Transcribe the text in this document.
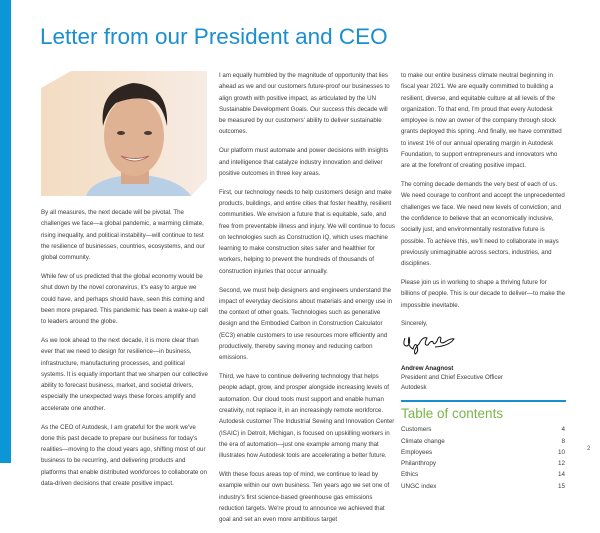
Letter from our President and CEO

By all measures, the next decade will be pivotal. The challenges we face—a global pandemic, a warming climate, rising inequality, and political instability—will continue to test the resilience of businesses, countries, ecosystems, and our global community.

While few of us predicted that the global economy would be shut down by the novel coronavirus, it's easy to argue we could have, and perhaps should have, seen this coming and been more prepared. This pandemic has been a wake-up call to leaders around the globe.

As we look ahead to the next decade, it is more clear than ever that we need to design for resilience—in business, infrastructure, manufacturing processes, and political systems. It is equally important that we sharpen our collective ability to forecast business, market, and societal drivers, especially the unexpected ways these forces amplify and accelerate one another.

As the CEO of Autodesk, I am grateful for the work we've done this past decade to prepare our business for today's realities—moving to the cloud years ago, shifting most of our business to be recurring, and delivering products and platforms that enable distributed workforces to collaborate on data-driven decisions that create positive impact.

I am equally humbled by the magnitude of opportunity that lies ahead as we and our customers future-proof our businesses to align growth with positive impact, as articulated by the UN Sustainable Development Goals. Our success this decade will be measured by our customers' ability to deliver sustainable outcomes.

Our platform must automate and power decisions with insights and intelligence that catalyze industry innovation and deliver positive outcomes in three key areas.

First, our technology needs to help customers design and make products, buildings, and entire cities that foster healthy, resilient communities. We envision a future that is equitable, safe, and free from preventable illness and injury. We will continue to focus on technologies such as Construction IQ, which uses machine learning to make construction sites safer and healthier for workers, helping to prevent the hundreds of thousands of construction injuries that occur annually.

Second, we must help designers and engineers understand the impact of everyday decisions about materials and energy use in the context of other goals. Technologies such as generative design and the Embodied Carbon in Construction Calculator (EC3) enable customers to use resources more efficiently and productively, thereby saving money and reducing carbon emissions.

Third, we have to continue delivering technology that helps people adapt, grow, and prosper alongside increasing levels of automation. Our cloud tools must support and enable human creativity, not replace it, in an increasingly remote workforce. Autodesk customer The Industrial Sewing and Innovation Center (ISAIC) in Detroit, Michigan, is focused on upskilling workers in the era of automation—just one example among many that illustrates how Autodesk tools are accelerating a better future.

With these focus areas top of mind, we continue to lead by example within our own business. Ten years ago we set one of industry's first science-based greenhouse gas emissions reduction targets. We're proud to announce we achieved that goal and set an even more ambitious target

to make our entire business climate neutral beginning in fiscal year 2021. We are equally committed to building a resilient, diverse, and equitable culture at all levels of the organization. To that end, I'm proud that every Autodesk employee is now an owner of the company through stock grants deployed this spring. And finally, we have committed to invest 1% of our annual operating margin in Autodesk Foundation, to support entrepreneurs and innovators who are at the forefront of creating positive impact.

The coming decade demands the very best of each of us. We need courage to confront and accept the unprecedented challenges we face. We need new levels of conviction, and the confidence to believe that an economically inclusive, socially just, and environmentally restorative future is possible. To achieve this, we'll need to collaborate in ways previously unimaginable across sectors, industries, and disciplines.

Please join us in working to shape a thriving future for billions of people. This is our decade to deliver—to make the impossible inevitable.

Sincerely,

Andrew Anagnost
President and Chief Executive Officer
Autodesk
Table of contents
Customers	4
Climate change	8
Employees	10
Philanthropy	12
Ethics	14
UNGC index	15
2
